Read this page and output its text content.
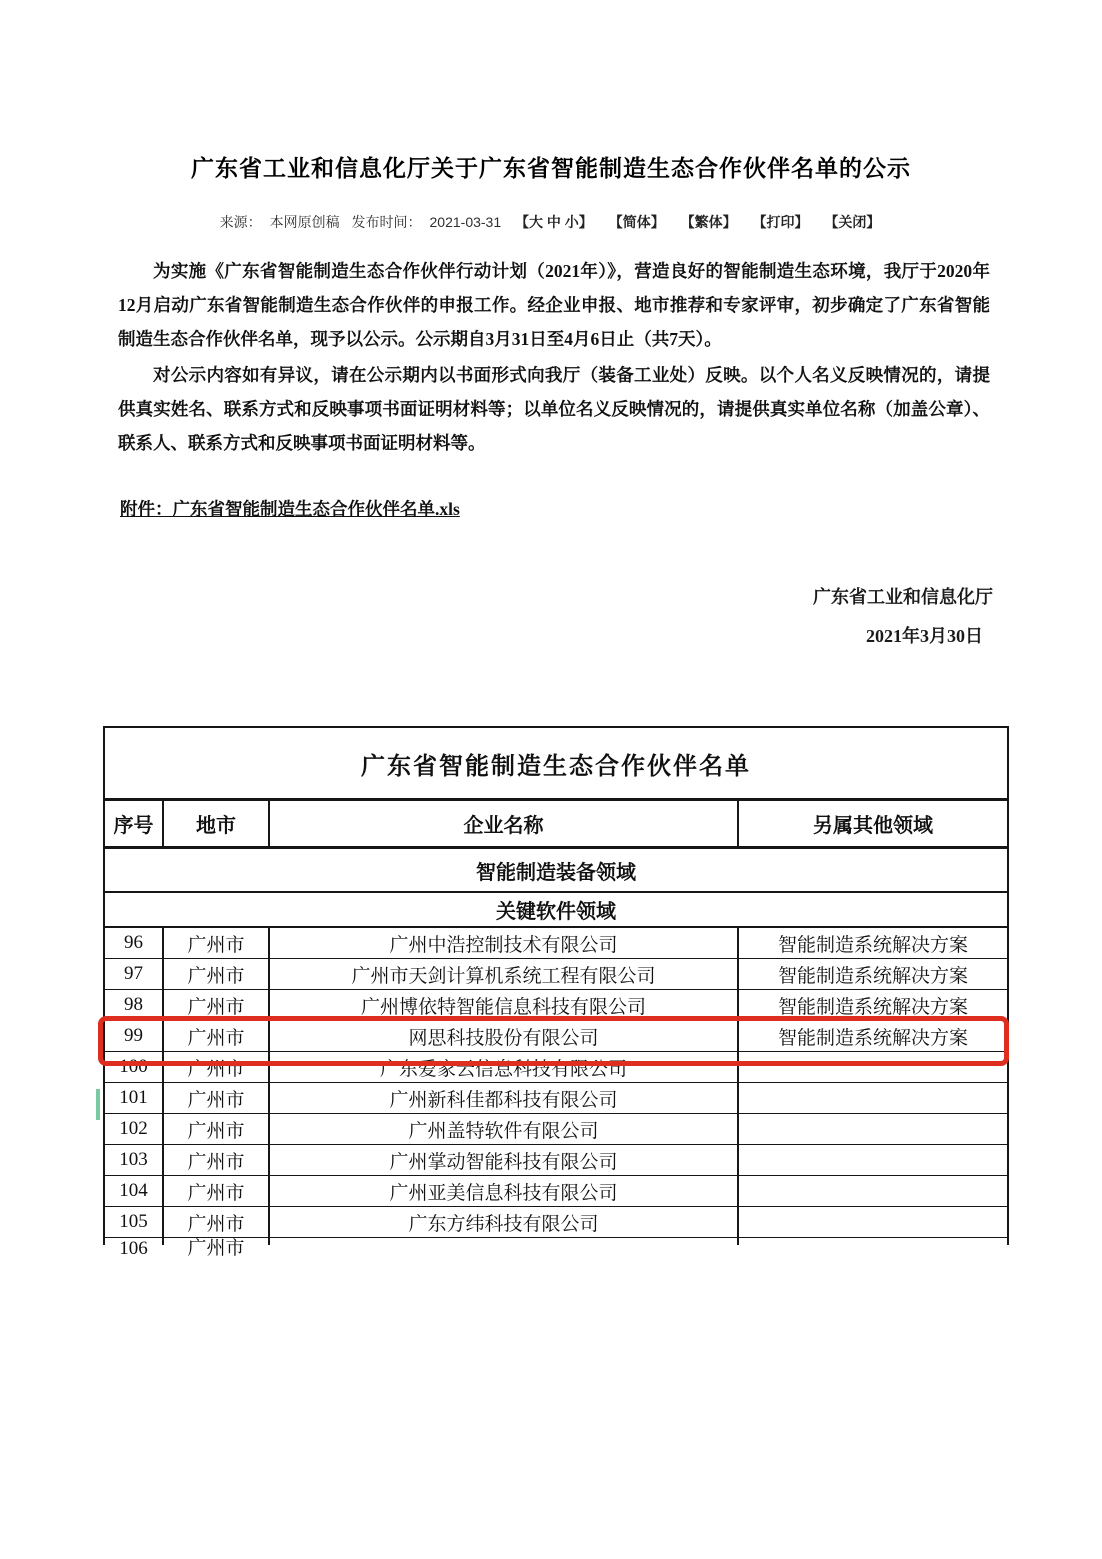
广东省工业和信息化厅关于广东省智能制造生态合作伙伴名单的公示
来源： 本网原创稿 发布时间： 2021-03-31 【大 中 小】 【简体】 【繁体】 【打印】 【关闭】

为实施《广东省智能制造生态合作伙伴行动计划（2021年）》，营造良好的智能制造生态环境，我厅于2020年12月启动广东省智能制造生态合作伙伴的申报工作。经企业申报、地市推荐和专家评审，初步确定了广东省智能制造生态合作伙伴名单，现予以公示。公示期自3月31日至4月6日止（共7天）。

对公示内容如有异议，请在公示期内以书面形式向我厅（装备工业处）反映。以个人名义反映情况的，请提供真实姓名、联系方式和反映事项书面证明材料等；以单位名义反映情况的，请提供真实单位名称（加盖公章）、联系人、联系方式和反映事项书面证明材料等。

附件：广东省智能制造生态合作伙伴名单.xls
广东省工业和信息化厅
2021年3月30日
广东省智能制造生态合作伙伴名单			
序号	地市	企业名称	另属其他领域
智能制造装备领域			
关键软件领域			
96	广州市	广州中浩控制技术有限公司	智能制造系统解决方案
97	广州市	广州市天剑计算机系统工程有限公司	智能制造系统解决方案
98	广州市	广州博依特智能信息科技有限公司	智能制造系统解决方案
99	广州市	网思科技股份有限公司	智能制造系统解决方案
100	广州市	广东爱家云信息科技有限公司	
101	广州市	广州新科佳都科技有限公司	
102	广州市	广州盖特软件有限公司	
103	广州市	广州掌动智能科技有限公司	
104	广州市	广州亚美信息科技有限公司	
105	广州市	广东方纬科技有限公司	

106	广州市		
